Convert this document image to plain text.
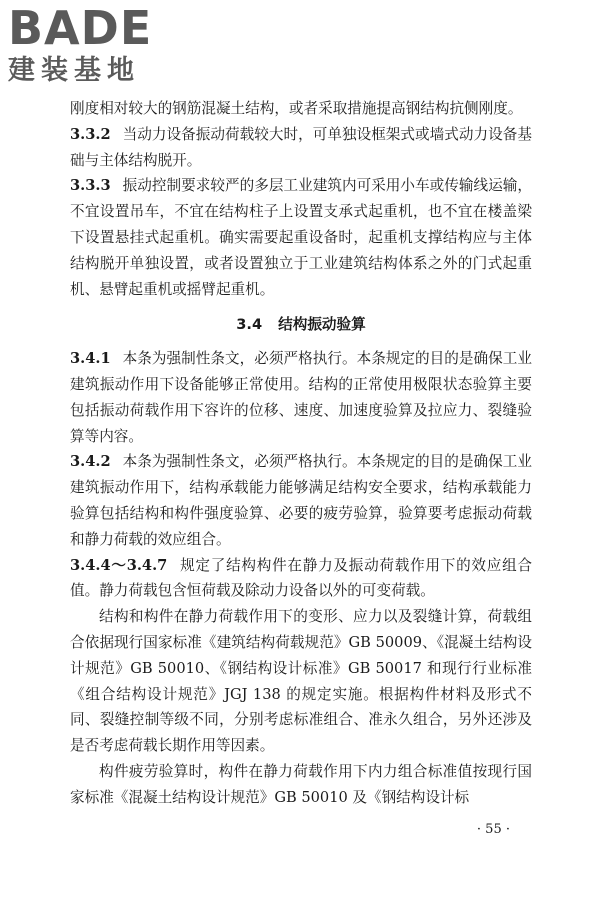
BADE
建装基地

刚度相对较大的钢筋混凝土结构，或者采取措施提高钢结构抗侧刚度。

3.3.2 当动力设备振动荷载较大时，可单独设框架式或墙式动力设备基础与主体结构脱开。

3.3.3 振动控制要求较严的多层工业建筑内可采用小车或传输线运输，不宜设置吊车，不宜在结构柱子上设置支承式起重机，也不宜在楼盖梁下设置悬挂式起重机。确实需要起重设备时，起重机支撑结构应与主体结构脱开单独设置，或者设置独立于工业建筑结构体系之外的门式起重机、悬臂起重机或摇臂起重机。

3.4 结构振动验算

3.4.1 本条为强制性条文，必须严格执行。本条规定的目的是确保工业建筑振动作用下设备能够正常使用。结构的正常使用极限状态验算主要包括振动荷载作用下容许的位移、速度、加速度验算及拉应力、裂缝验算等内容。

3.4.2 本条为强制性条文，必须严格执行。本条规定的目的是确保工业建筑振动作用下，结构承载能力能够满足结构安全要求，结构承载能力验算包括结构和构件强度验算、必要的疲劳验算，验算要考虑振动荷载和静力荷载的效应组合。

3.4.4～3.4.7 规定了结构构件在静力及振动荷载作用下的效应组合值。静力荷载包含恒荷载及除动力设备以外的可变荷载。

结构和构件在静力荷载作用下的变形、应力以及裂缝计算，荷载组合依据现行国家标准《建筑结构荷载规范》GB 50009、《混凝土结构设计规范》GB 50010、《钢结构设计标准》GB 50017 和现行行业标准《组合结构设计规范》JGJ 138 的规定实施。根据构件材料及形式不同、裂缝控制等级不同，分别考虑标准组合、准永久组合，另外还涉及是否考虑荷载长期作用等因素。

构件疲劳验算时，构件在静力荷载作用下内力组合标准值按现行国家标准《混凝土结构设计规范》GB 50010 及《钢结构设计标

· 55 ·
